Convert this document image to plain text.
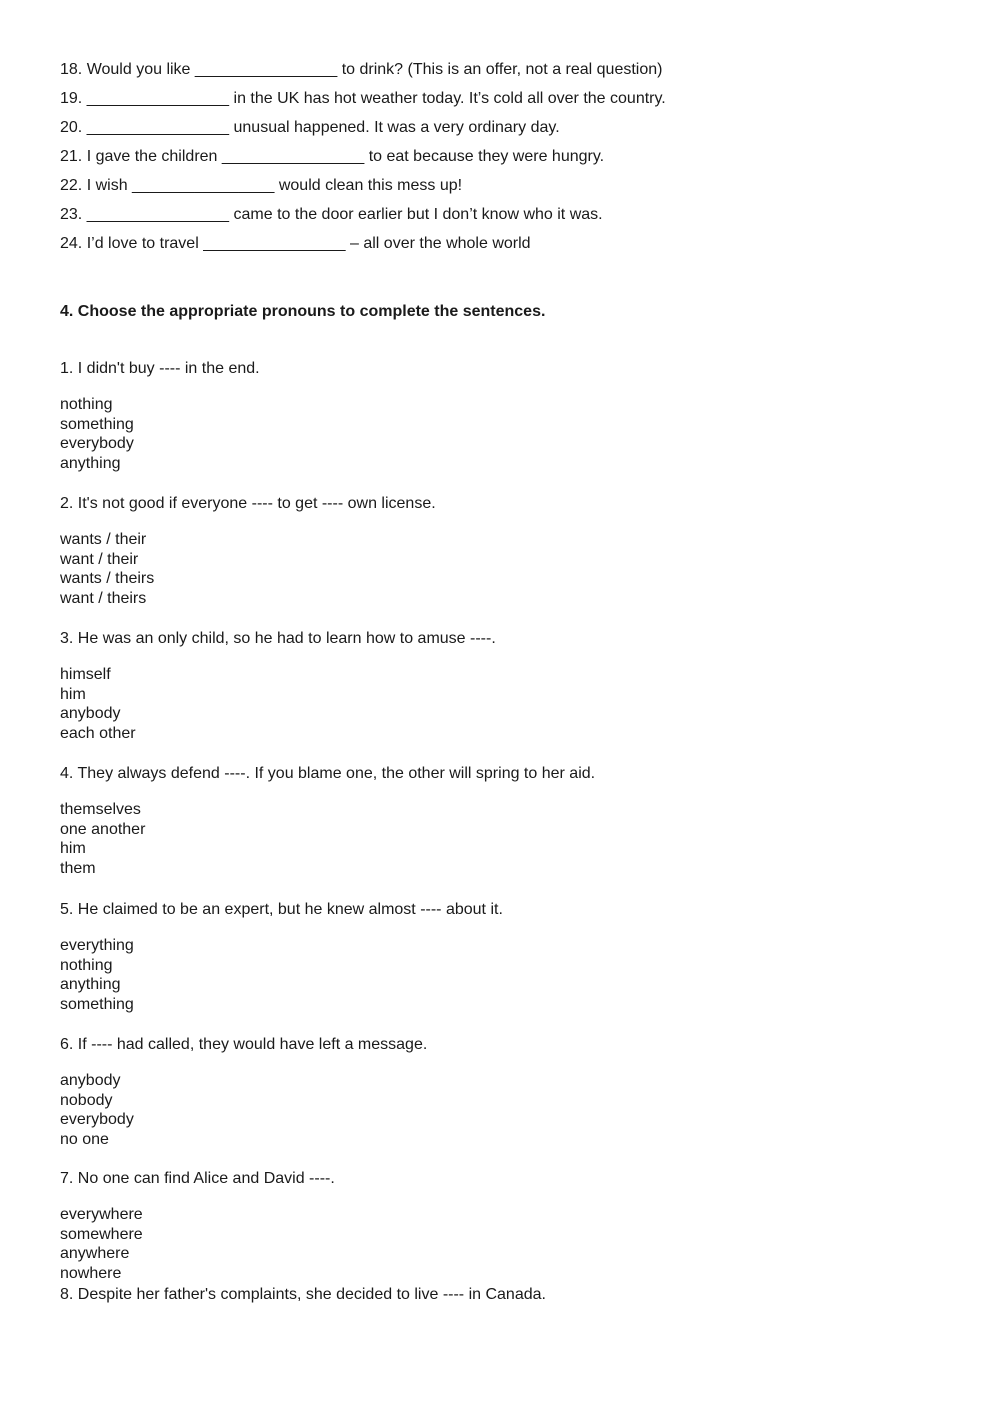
18. Would you like ________________ to drink? (This is an offer, not a real question)
19. ________________ in the UK has hot weather today. It’s cold all over the country.
20. ________________ unusual happened. It was a very ordinary day.
21. I gave the children ________________ to eat because they were hungry.
22. I wish ________________ would clean this mess up!
23. ________________ came to the door earlier but I don’t know who it was.
24. I’d love to travel ________________ – all over the whole world
4. Choose the appropriate pronouns to complete the sentences.

1. I didn't buy ---- in the end.

nothing
something
everybody
anything

2. It's not good if everyone ---- to get ---- own license.

wants / their
want / their
wants / theirs
want / theirs

3. He was an only child, so he had to learn how to amuse ----.

himself
him
anybody
each other

4. They always defend ----. If you blame one, the other will spring to her aid.

themselves
one another
him
them

5. He claimed to be an expert, but he knew almost ---- about it.

everything
nothing
anything
something

6. If ---- had called, they would have left a message.

anybody
nobody
everybody
no one

7. No one can find Alice and David ----.

everywhere
somewhere
anywhere
nowhere

8. Despite her father's complaints, she decided to live ---- in Canada.
